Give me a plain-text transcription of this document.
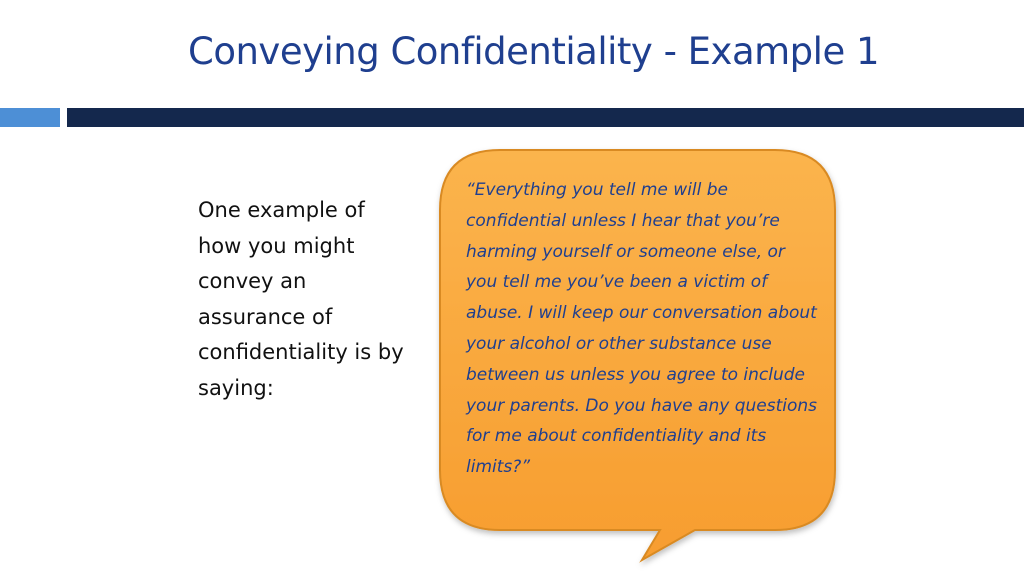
Conveying Confidentiality - Example 1

One example of how you might convey an assurance of confidentiality is by saying:

“Everything you tell me will be confidential unless I hear that you’re harming yourself or someone else, or you tell me you’ve been a victim of abuse. I will keep our conversation about your alcohol or other substance use between us unless you agree to include your parents. Do you have any questions for me about confidentiality and its limits?”
